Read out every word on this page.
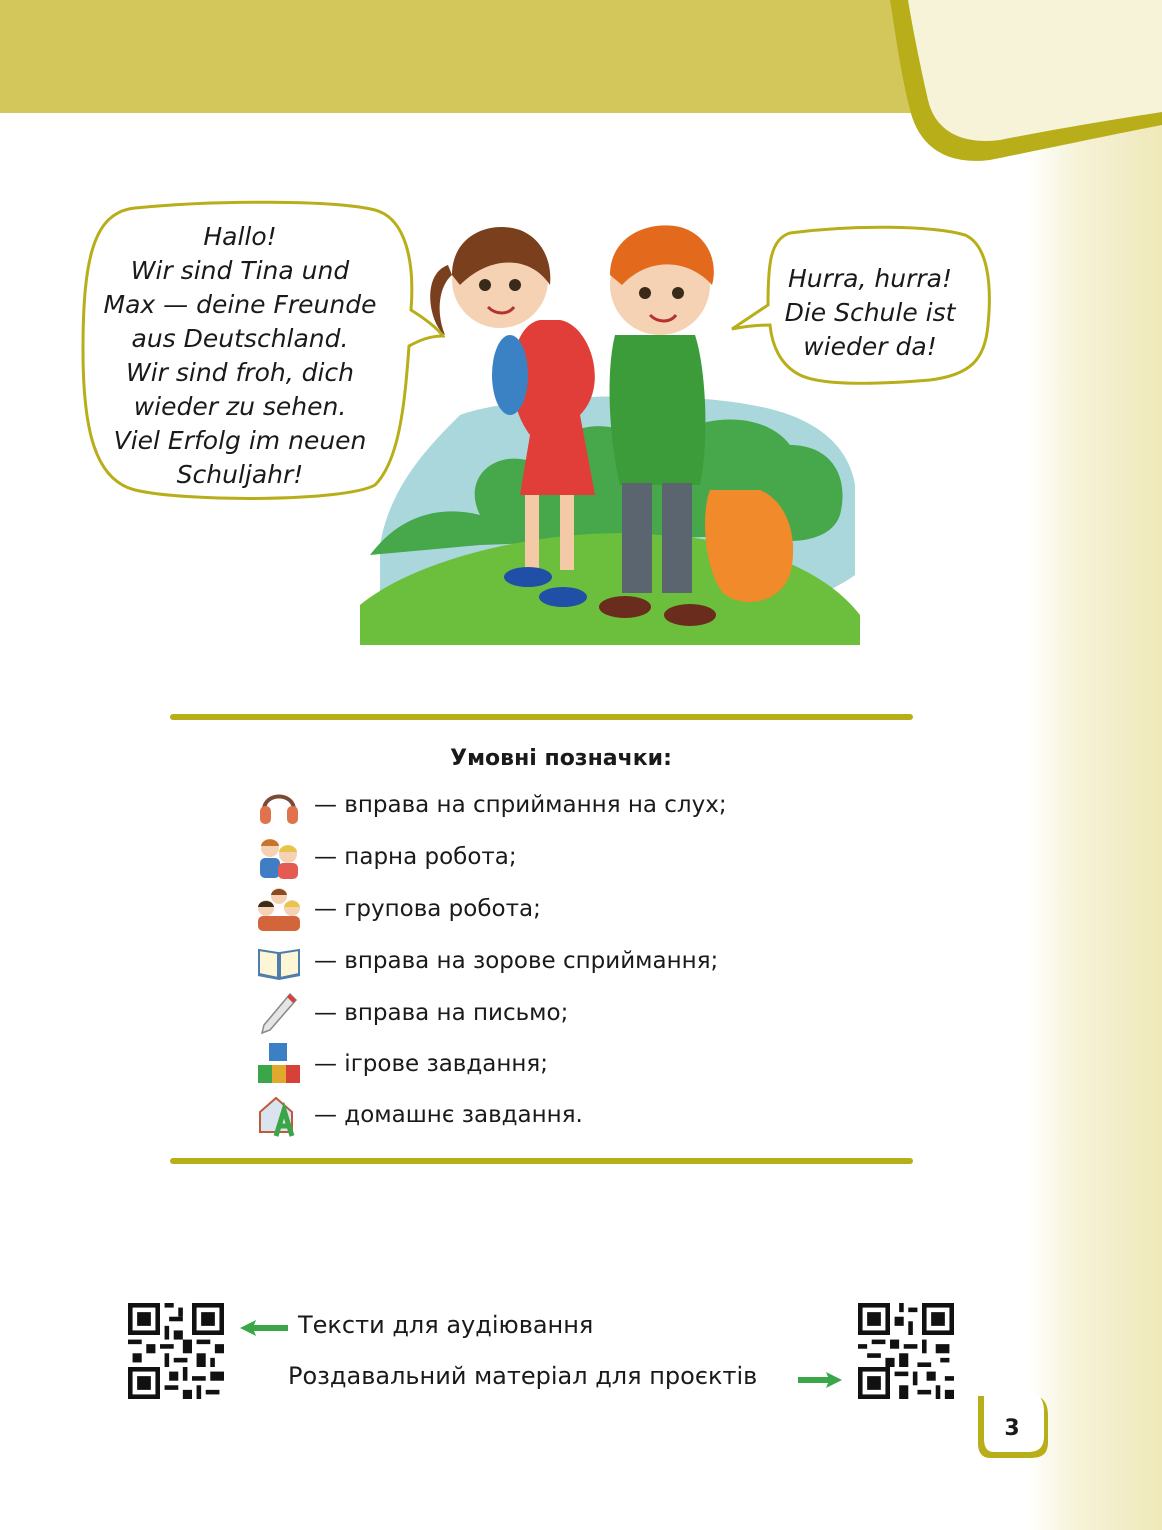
Hallo!
Wir sind Tina und
Max — deine Freunde
aus Deutschland.
Wir sind froh, dich
wieder zu sehen.
Viel Erfolg im neuen
Schuljahr!
Hurra, hurra!
Die Schule ist
wieder da!
Умовні позначки:
— вправа на сприймання на слух;
— парна робота;
— групова робота;
— вправа на зорове сприймання;
— вправа на письмо;
— ігрове завдання;
— домашнє завдання.
Тексти для аудіювання
Роздавальний матеріал для проєктів
3
